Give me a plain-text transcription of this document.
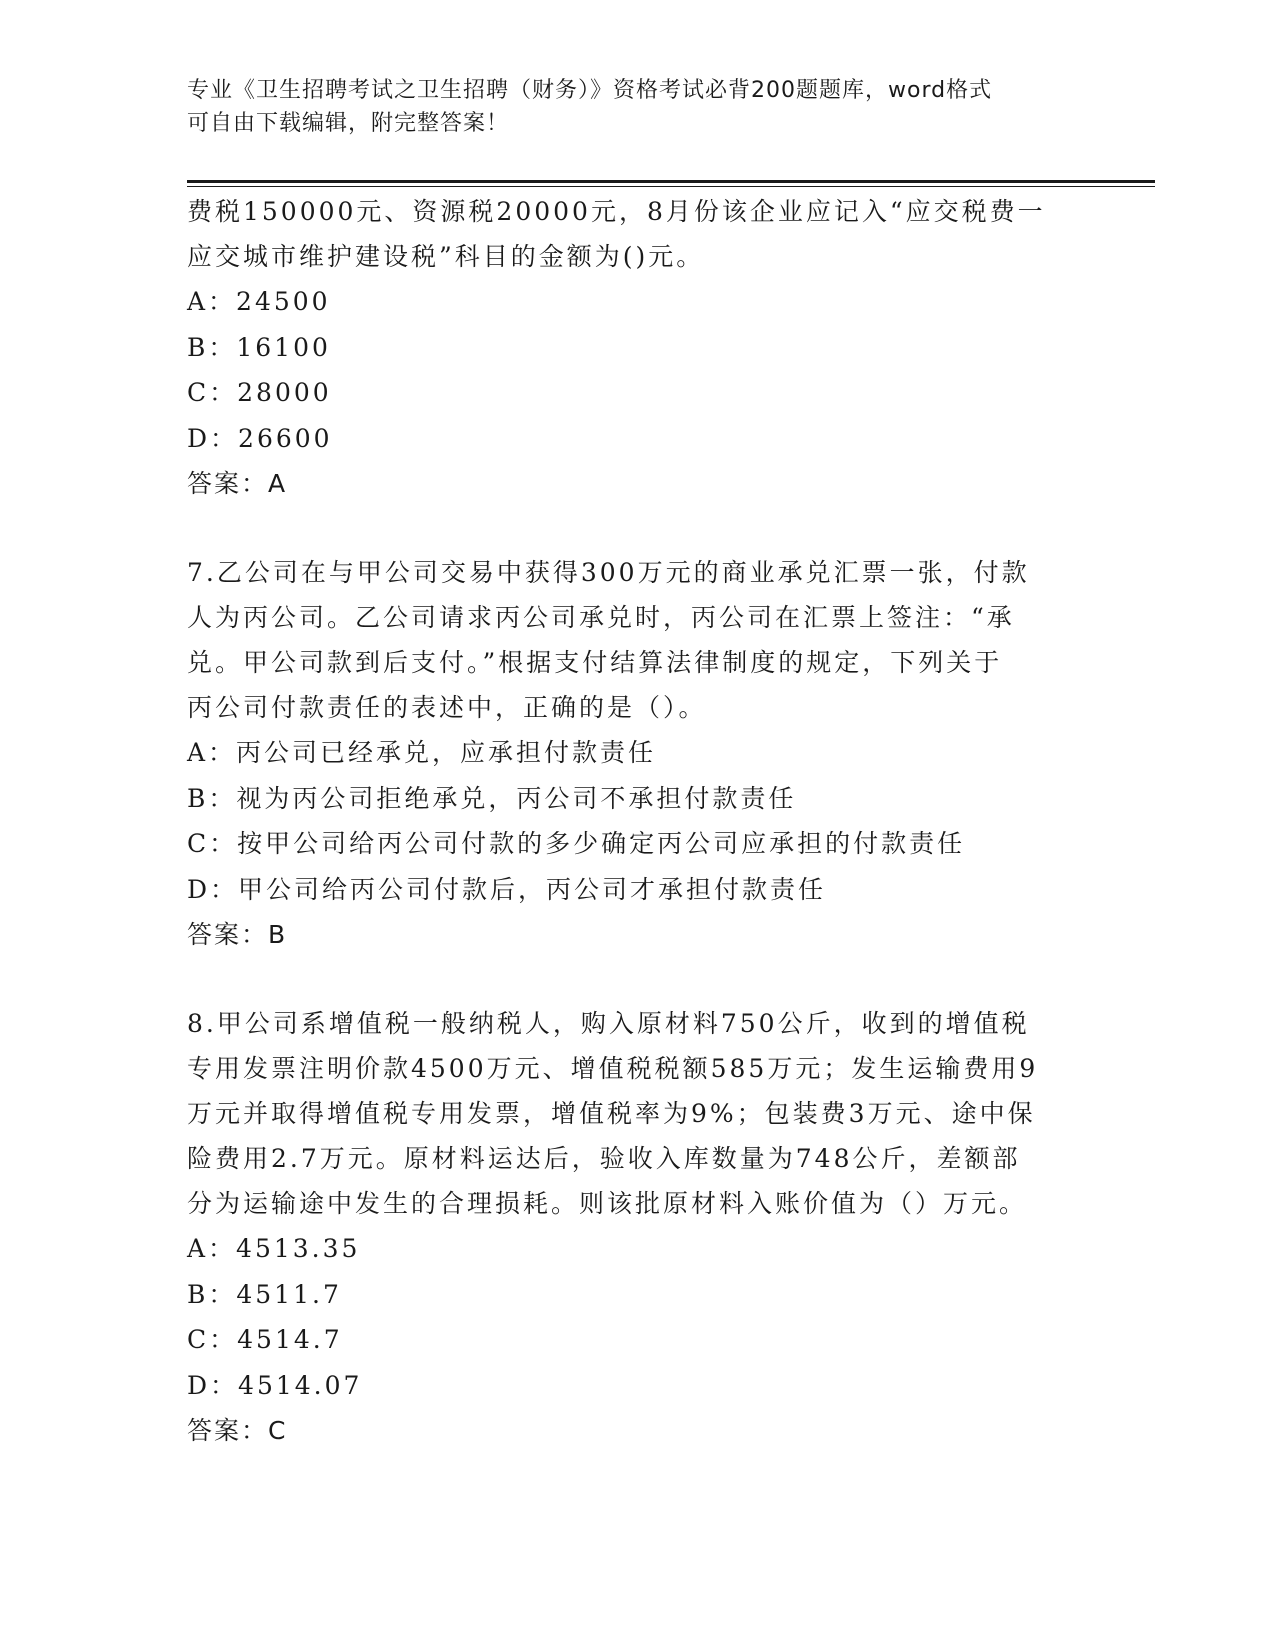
专业《卫生招聘考试之卫生招聘（财务）》资格考试必背200题题库，word格式
可自由下载编辑，附完整答案！
费税150000元、资源税20000元，8月份该企业应记入“应交税费一
应交城市维护建设税”科目的金额为()元。
A：24500
B：16100
C：28000
D：26600
答案：A
7.乙公司在与甲公司交易中获得300万元的商业承兑汇票一张，付款
人为丙公司。乙公司请求丙公司承兑时，丙公司在汇票上签注：“承
兑。甲公司款到后支付。”根据支付结算法律制度的规定，下列关于
丙公司付款责任的表述中，正确的是（）。
A：丙公司已经承兑，应承担付款责任
B：视为丙公司拒绝承兑，丙公司不承担付款责任
C：按甲公司给丙公司付款的多少确定丙公司应承担的付款责任
D：甲公司给丙公司付款后，丙公司才承担付款责任
答案：B
8.甲公司系增值税一般纳税人，购入原材料750公斤，收到的增值税
专用发票注明价款4500万元、增值税税额585万元；发生运输费用9
万元并取得增值税专用发票，增值税率为9%；包装费3万元、途中保
险费用2.7万元。原材料运达后，验收入库数量为748公斤，差额部
分为运输途中发生的合理损耗。则该批原材料入账价值为（）万元。
A：4513.35
B：4511.7
C：4514.7
D：4514.07
答案：C
